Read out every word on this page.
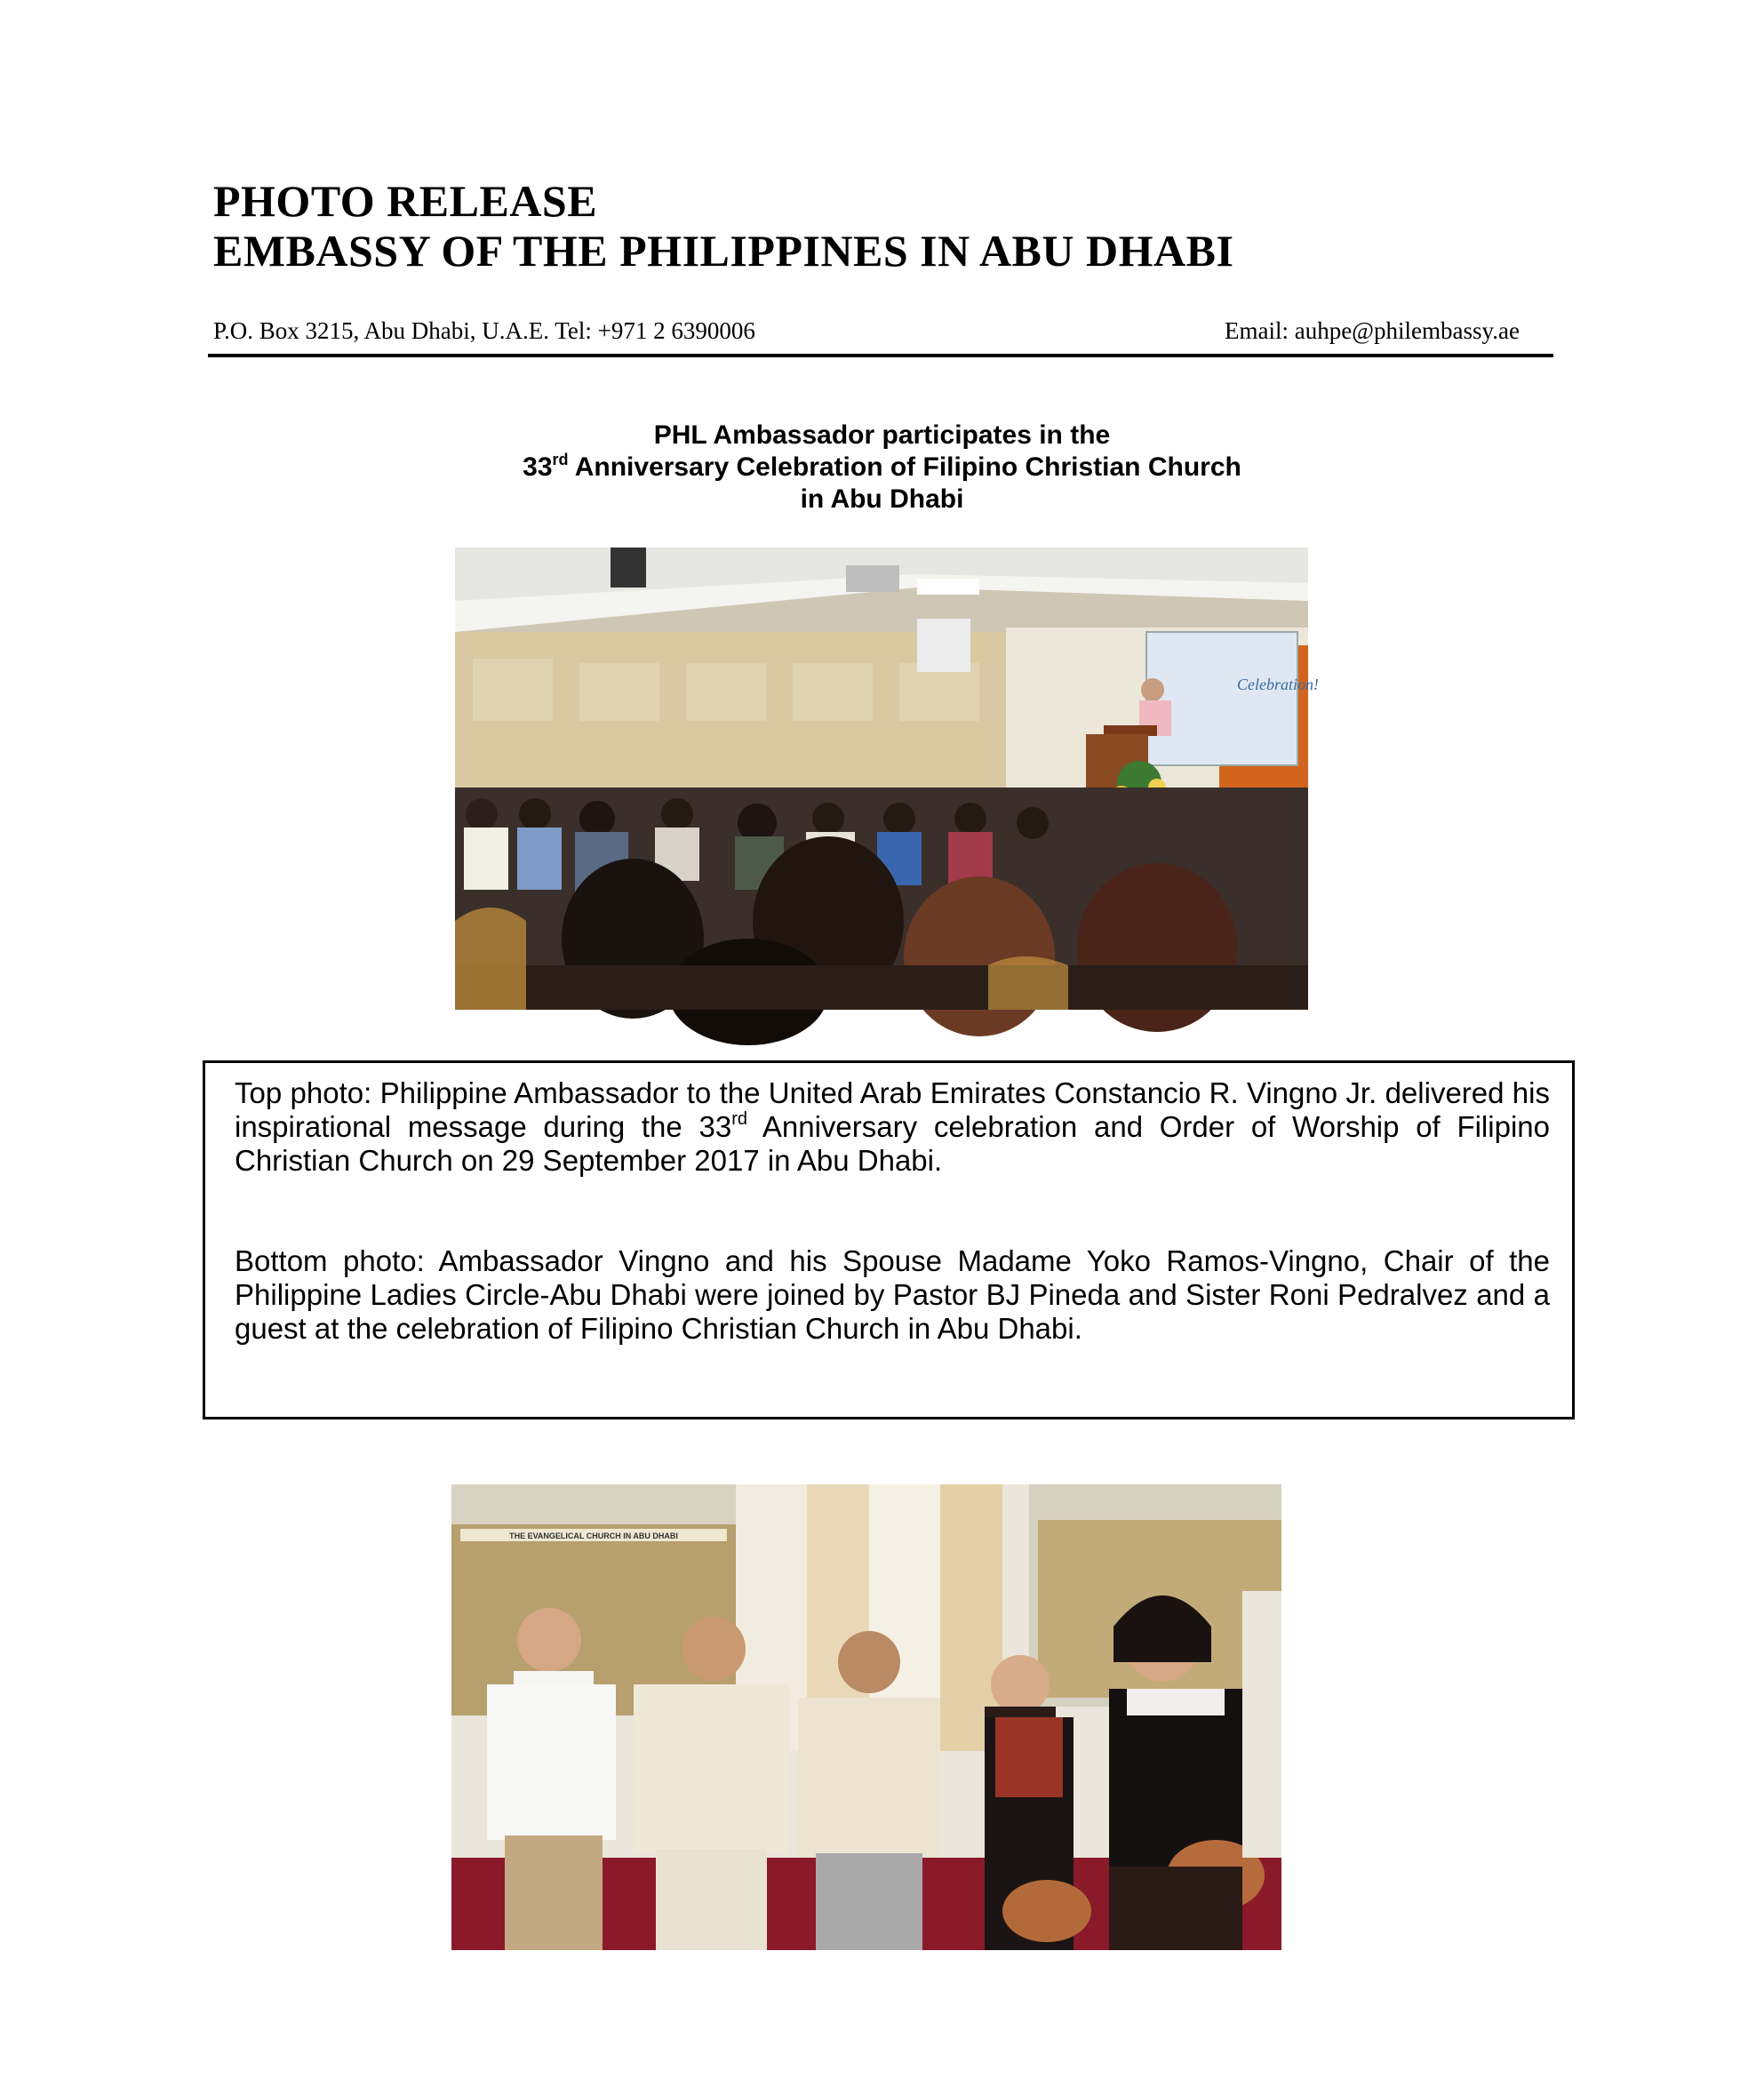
PHOTO RELEASE
EMBASSY OF THE PHILIPPINES IN ABU DHABI
P.O. Box 3215, Abu Dhabi, U.A.E. Tel: +971 2 6390006	Email: auhpe@philembassy.ae
PHL Ambassador participates in the
33rd Anniversary Celebration of Filipino Christian Church
in Abu Dhabi
Celebration!
Top photo: Philippine Ambassador to the United Arab Emirates Constancio R. Vingno Jr. delivered his inspirational message during the 33rd Anniversary celebration and Order of Worship of Filipino Christian Church on 29 September 2017 in Abu Dhabi.
Bottom photo: Ambassador Vingno and his Spouse Madame Yoko Ramos-Vingno, Chair of the Philippine Ladies Circle-Abu Dhabi were joined by Pastor BJ Pineda and Sister Roni Pedralvez and a guest at the celebration of Filipino Christian Church in Abu Dhabi.
THE EVANGELICAL CHURCH IN ABU DHABI
